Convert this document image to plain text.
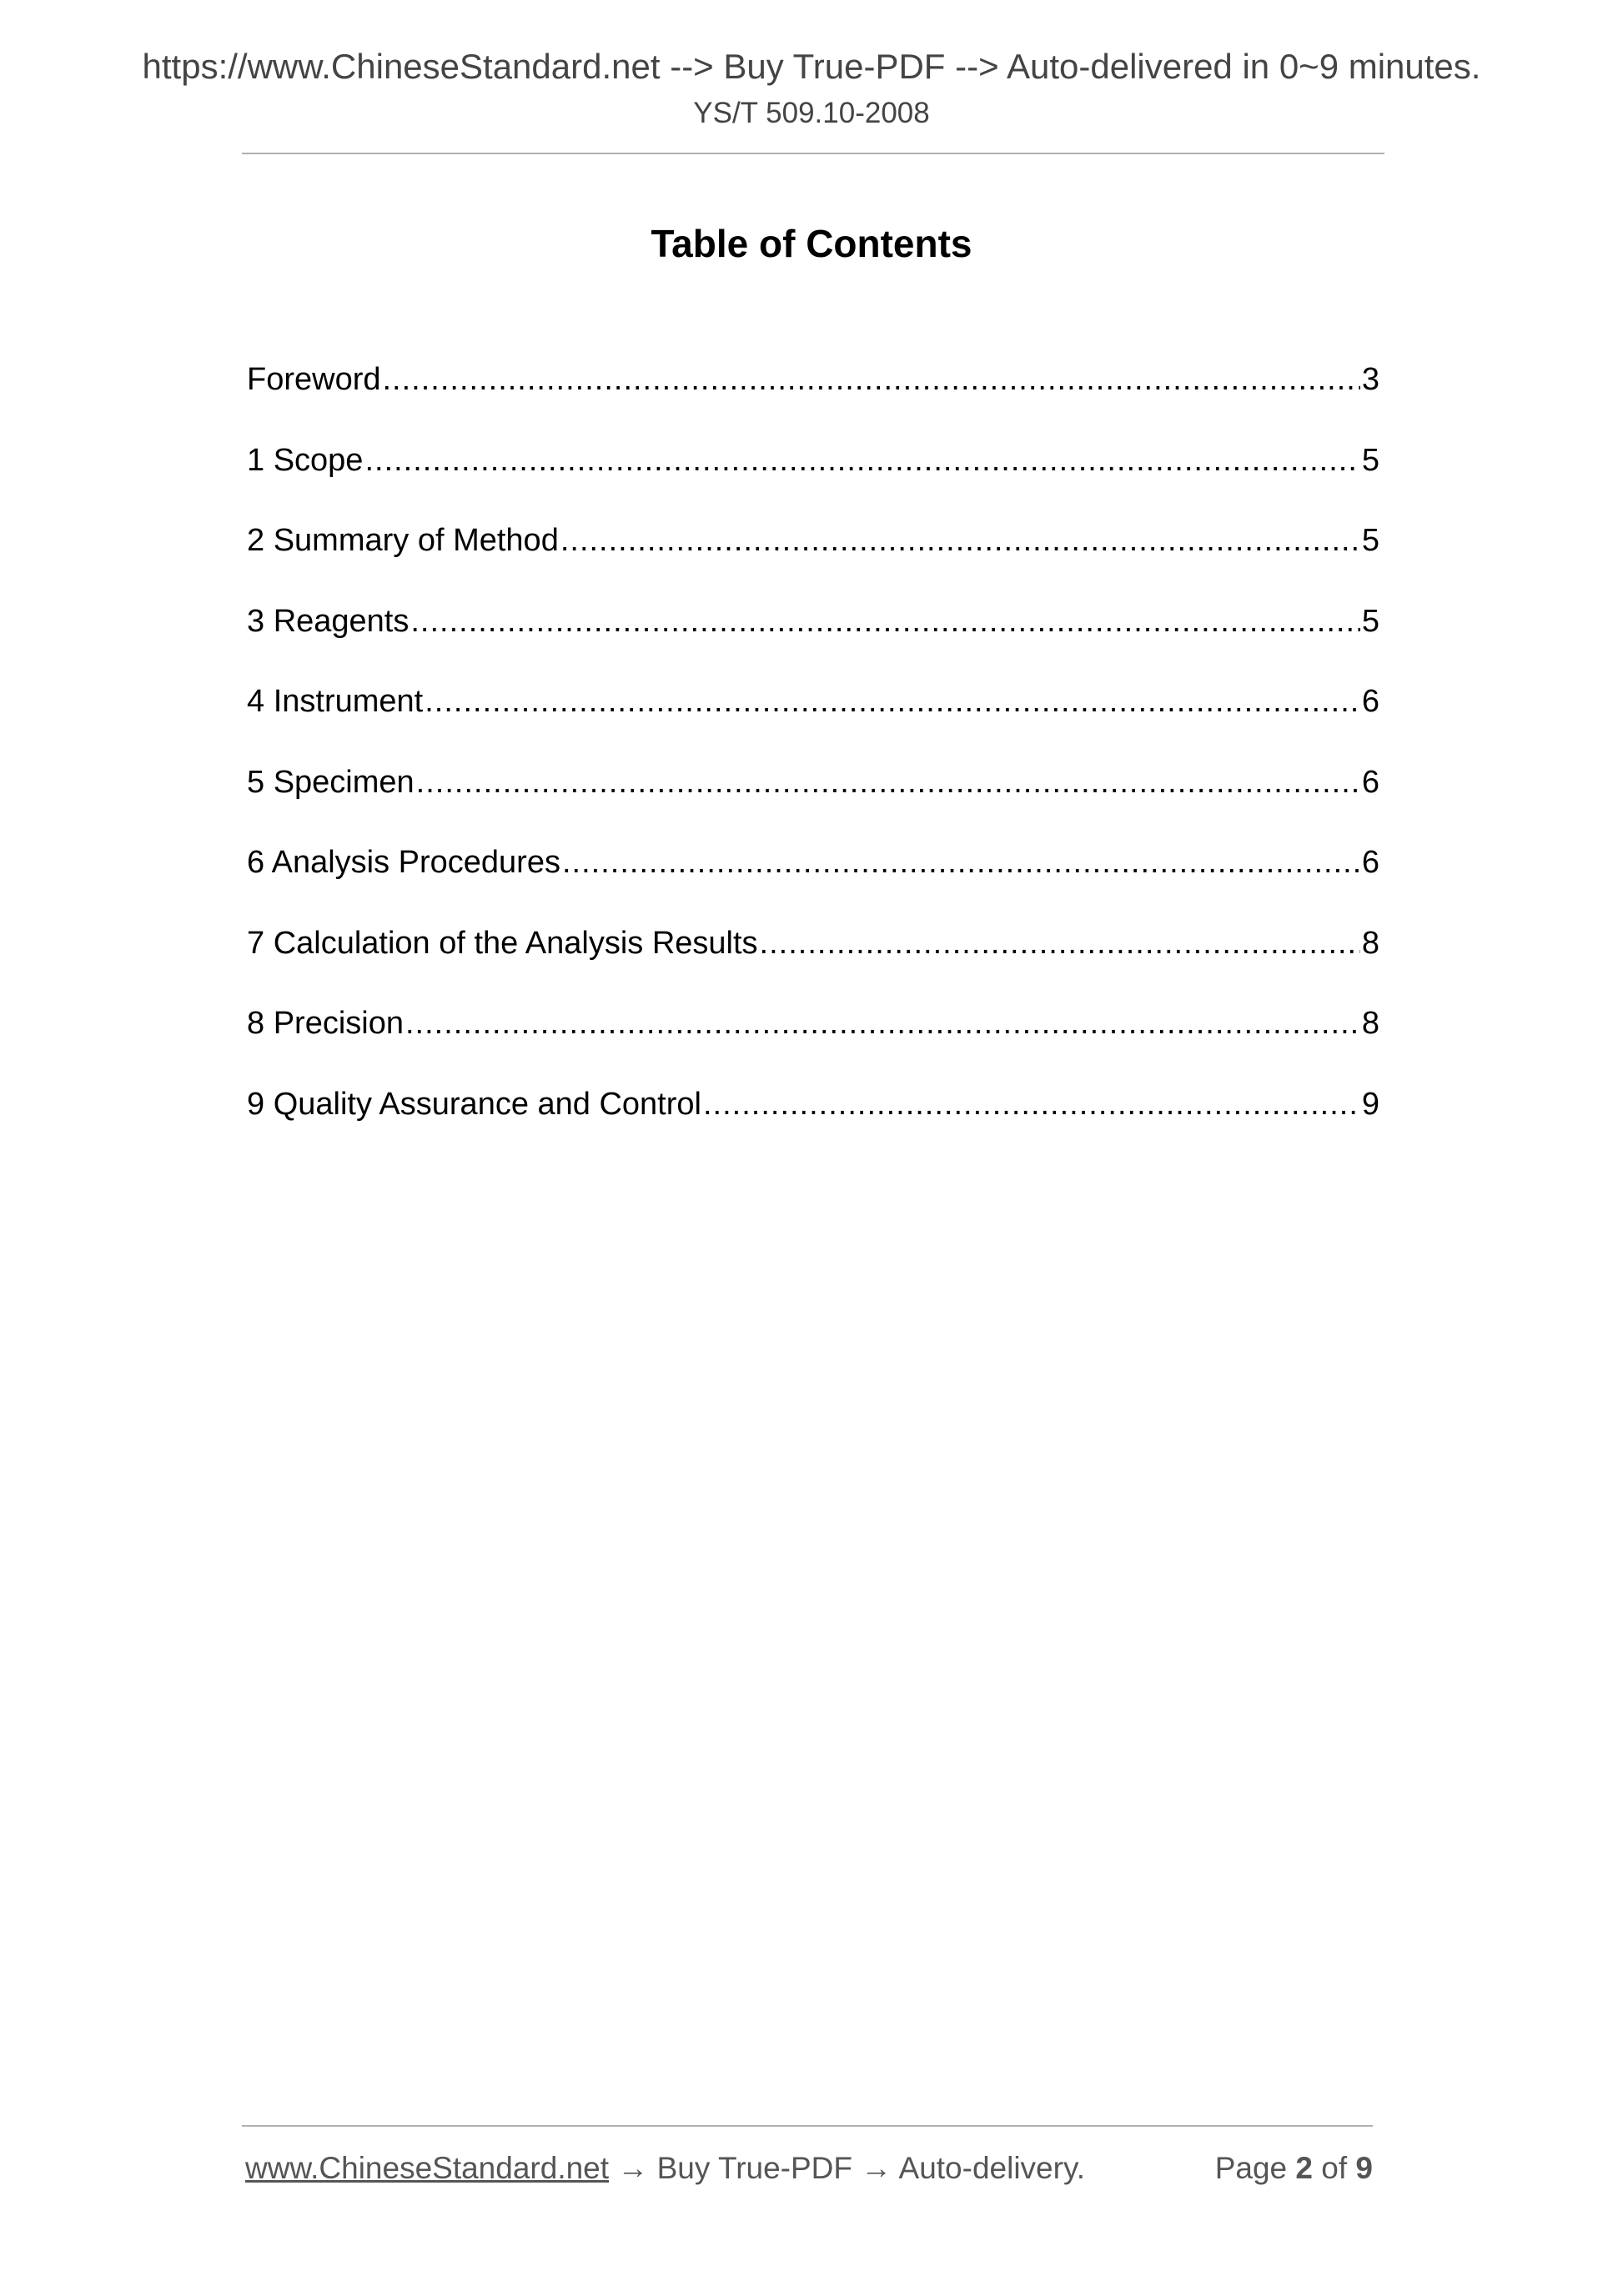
https://www.ChineseStandard.net --> Buy True-PDF --> Auto-delivered in 0~9 minutes.
YS/T 509.10-2008
Table of Contents
Foreword .....	3
1 Scope .....	5
2 Summary of Method .....	5
3 Reagents .....	5
4 Instrument .....	6
5 Specimen .....	6
6 Analysis Procedures .....	6
7 Calculation of the Analysis Results .....	8
8 Precision .....	8
9 Quality Assurance and Control .....	9
www.ChineseStandard.net → Buy True-PDF → Auto-delivery.	Page 2 of 9
